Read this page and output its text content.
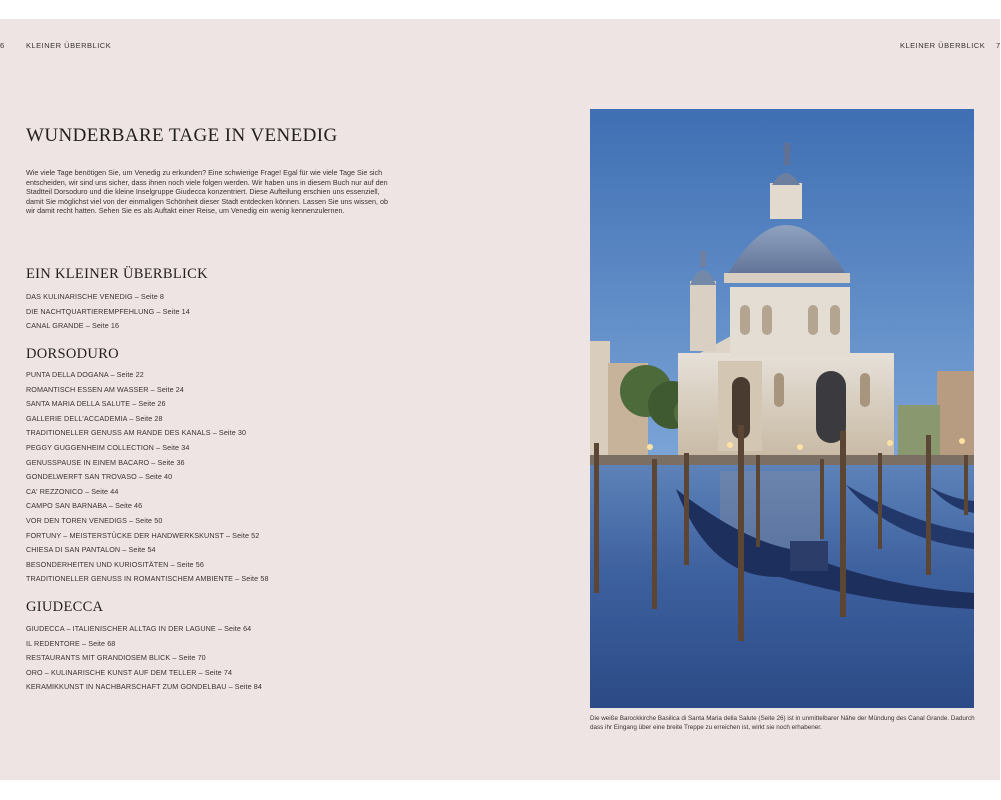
6	KLEINER ÜBERBLICK	KLEINER ÜBERBLICK 7
WUNDERBARE TAGE IN VENEDIG

Wie viele Tage benötigen Sie, um Venedig zu erkunden? Eine schwierige Frage! Egal für wie viele Tage Sie sich entscheiden, wir sind uns sicher, dass ihnen noch viele folgen werden. Wir haben uns in diesem Buch nur auf den Stadtteil Dorsoduro und die kleine Inselgruppe Giudecca konzentriert. Diese Aufteilung erschien uns essenziell, damit Sie möglichst viel von der einmaligen Schönheit dieser Stadt entdecken können. Lassen Sie uns wissen, ob wir damit recht hatten. Sehen Sie es als Auftakt einer Reise, um Venedig ein wenig kennenzulernen.

EIN KLEINER ÜBERBLICK
DAS KULINARISCHE VENEDIG – Seite 8
DIE NACHTQUARTIEREMPFEHLUNG – Seite 14
CANAL GRANDE – Seite 16
DORSODURO
PUNTA DELLA DOGANA – Seite 22
ROMANTISCH ESSEN AM WASSER – Seite 24
SANTA MARIA DELLA SALUTE – Seite 26
GALLERIE DELL'ACCADEMIA – Seite 28
TRADITIONELLER GENUSS AM RANDE DES KANALS – Seite 30
PEGGY GUGGENHEIM COLLECTION – Seite 34
GENUSSPAUSE IN EINEM BACARO – Seite 36
GONDELWERFT SAN TROVASO – Seite 40
CA' REZZONICO – Seite 44
CAMPO SAN BARNABA – Seite 46
VOR DEN TOREN VENEDIGS – Seite 50
FORTUNY – MEISTERSTÜCKE DER HANDWERKSKUNST – Seite 52
CHIESA DI SAN PANTALON – Seite 54
BESONDERHEITEN UND KURIOSITÄTEN – Seite 56
TRADITIONELLER GENUSS IN ROMANTISCHEM AMBIENTE – Seite 58
GIUDECCA
GIUDECCA – ITALIENISCHER ALLTAG IN DER LAGUNE – Seite 64
IL REDENTORE – Seite 68
RESTAURANTS MIT GRANDIOSEM BLICK – Seite 70
ORO – KULINARISCHE KUNST AUF DEM TELLER – Seite 74
KERAMIKKUNST IN NACHBARSCHAFT ZUM GONDELBAU – Seite 84

Die weiße Barockkirche Basilica di Santa Maria della Salute (Seite 26) ist in unmittelbarer Nähe der Mündung des Canal Grande. Dadurch dass ihr Eingang über eine breite Treppe zu erreichen ist, wirkt sie noch erhabener.
